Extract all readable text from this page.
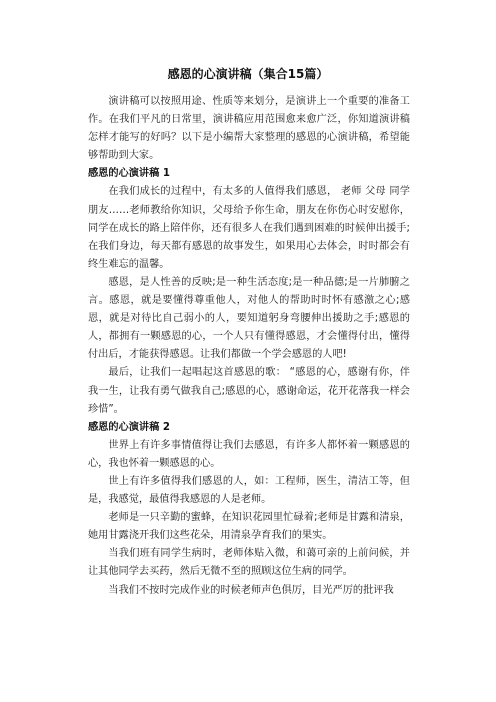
感恩的心演讲稿（集合15篇）

演讲稿可以按照用途、性质等来划分，是演讲上一个重要的准备工作。在我们平凡的日常里，演讲稿应用范围愈来愈广泛，你知道演讲稿怎样才能写的好吗？以下是小编帮大家整理的感恩的心演讲稿，希望能够帮助到大家。

感恩的心演讲稿 1

在我们成长的过程中，有太多的人值得我们感恩， 老师 父母 同学 朋友……老师教给你知识，父母给予你生命，朋友在你伤心时安慰你，同学在成长的路上陪伴你，还有很多人在我们遇到困难的时候伸出援手; 在我们身边，每天都有感恩的故事发生，如果用心去体会，时时都会有终生难忘的温馨。

感恩，是人性善的反映;是一种生活态度;是一种品德;是一片肺腑之言。感恩，就是要懂得尊重他人，对他人的帮助时时怀有感激之心;感恩，就是对待比自己弱小的人，要知道躬身弯腰伸出援助之手;感恩的人，都拥有一颗感恩的心，一个人只有懂得感恩，才会懂得付出，懂得付出后，才能获得感恩。让我们都做一个学会感恩的人吧!

最后，让我们一起唱起这首感恩的歌： “感恩的心，感谢有你，伴我一生，让我有勇气做我自己;感恩的心，感谢命运，花开花落我一样会珍惜”。

感恩的心演讲稿 2

世界上有许多事情值得让我们去感恩，有许多人都怀着一颗感恩的心，我也怀着一颗感恩的心。

世上有许多值得我们感恩的人，如：工程师，医生，清洁工等，但是，我感觉，最值得我感恩的人是老师。

老师是一只辛勤的蜜蜂，在知识花园里忙碌着;老师是甘露和清泉，她用甘露浇开我们这些花朵，用清泉孕育我们的果实。

当我们班有同学生病时，老师体贴入微，和蔼可亲的上前问候，并让其他同学去买药，然后无微不至的照顾这位生病的同学。

当我们不按时完成作业的时候老师声色俱厉，目光严厉的批评我
